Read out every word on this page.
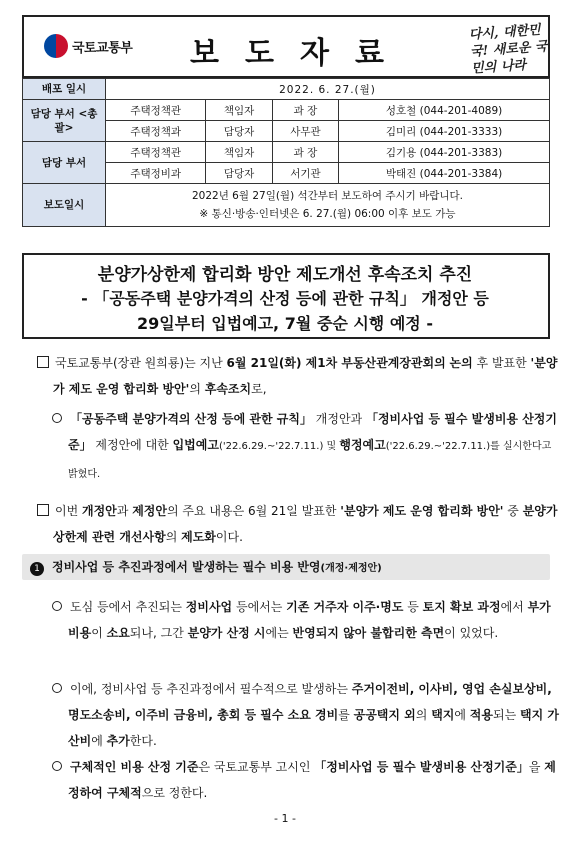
국토교통부 보도자료
다시, 대한민국! 새로운 국민의 나라
배포 일시	2022. 6. 27.(월)			
담당 부서 <총 괄>	주택정책관	책임자	과 장	성호철 (044-201-4089)
	주택정책과	담당자	사무관	김미리 (044-201-3333)
담당 부서	주택정책관	책임자	과 장	김기용 (044-201-3383)
	주택정비과	담당자	서기관	박태진 (044-201-3384)
보도일시	2022년 6월 27일(월) 석간부터 보도하여 주시기 바랍니다.
※ 통신·방송·인터넷은 6. 27.(월) 06:00 이후 보도 가능			
분양가상한제 합리화 방안 제도개선 후속조치 추진
- 「공동주택 분양가격의 산정 등에 관한 규칙」 개정안 등
29일부터 입법예고, 7월 중순 시행 예정 -
국토교통부(장관 원희룡)는 지난 6월 21일(화) 제1차 부동산관계장관회의 논의 후 발표한 '분양가 제도 운영 합리화 방안'의 후속조치로,
「공동주택 분양가격의 산정 등에 관한 규칙」 개정안과 「정비사업 등 필수 발생비용 산정기준」 제정안에 대한 입법예고('22.6.29.~'22.7.11.) 및 행정예고('22.6.29.~'22.7.11.)를 실시한다고 밝혔다.
이번 개정안과 제정안의 주요 내용은 6월 21일 발표한 '분양가 제도 운영 합리화 방안' 중 분양가상한제 관련 개선사항의 제도화이다.
1 정비사업 등 추진과정에서 발생하는 필수 비용 반영(개정·제정안)
도심 등에서 추진되는 정비사업 등에서는 기존 거주자 이주·명도 등 토지 확보 과정에서 부가 비용이 소요되나, 그간 분양가 산정 시에는 반영되지 않아 불합리한 측면이 있었다.
이에, 정비사업 등 추진과정에서 필수적으로 발생하는 주거이전비, 이사비, 영업 손실보상비, 명도소송비, 이주비 금융비, 총회 등 필수 소요 경비를 공공택지 외의 택지에 적용되는 택지 가산비에 추가한다.
구체적인 비용 산정 기준은 국토교통부 고시인 「정비사업 등 필수 발생비용 산정기준」을 제정하여 구체적으로 정한다.
- 1 -
